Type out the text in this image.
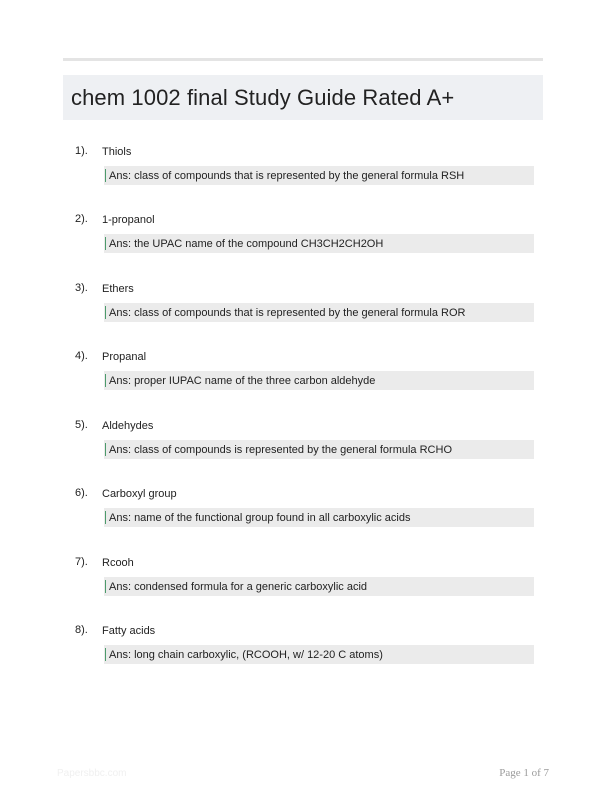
chem 1002 final Study Guide Rated A+
1). Thiols
Ans: class of compounds that is represented by the general formula RSH
2). 1-propanol
Ans: the UPAC name of the compound CH3CH2CH2OH
3). Ethers
Ans: class of compounds that is represented by the general formula ROR
4). Propanal
Ans: proper IUPAC name of the three carbon aldehyde
5). Aldehydes
Ans: class of compounds is represented by the general formula RCHO
6). Carboxyl group
Ans: name of the functional group found in all carboxylic acids
7). Rcooh
Ans: condensed formula for a generic carboxylic acid
8). Fatty acids
Ans: long chain carboxylic, (RCOOH, w/ 12-20 C atoms)
Papersbbc.com	Page 1 of 7
